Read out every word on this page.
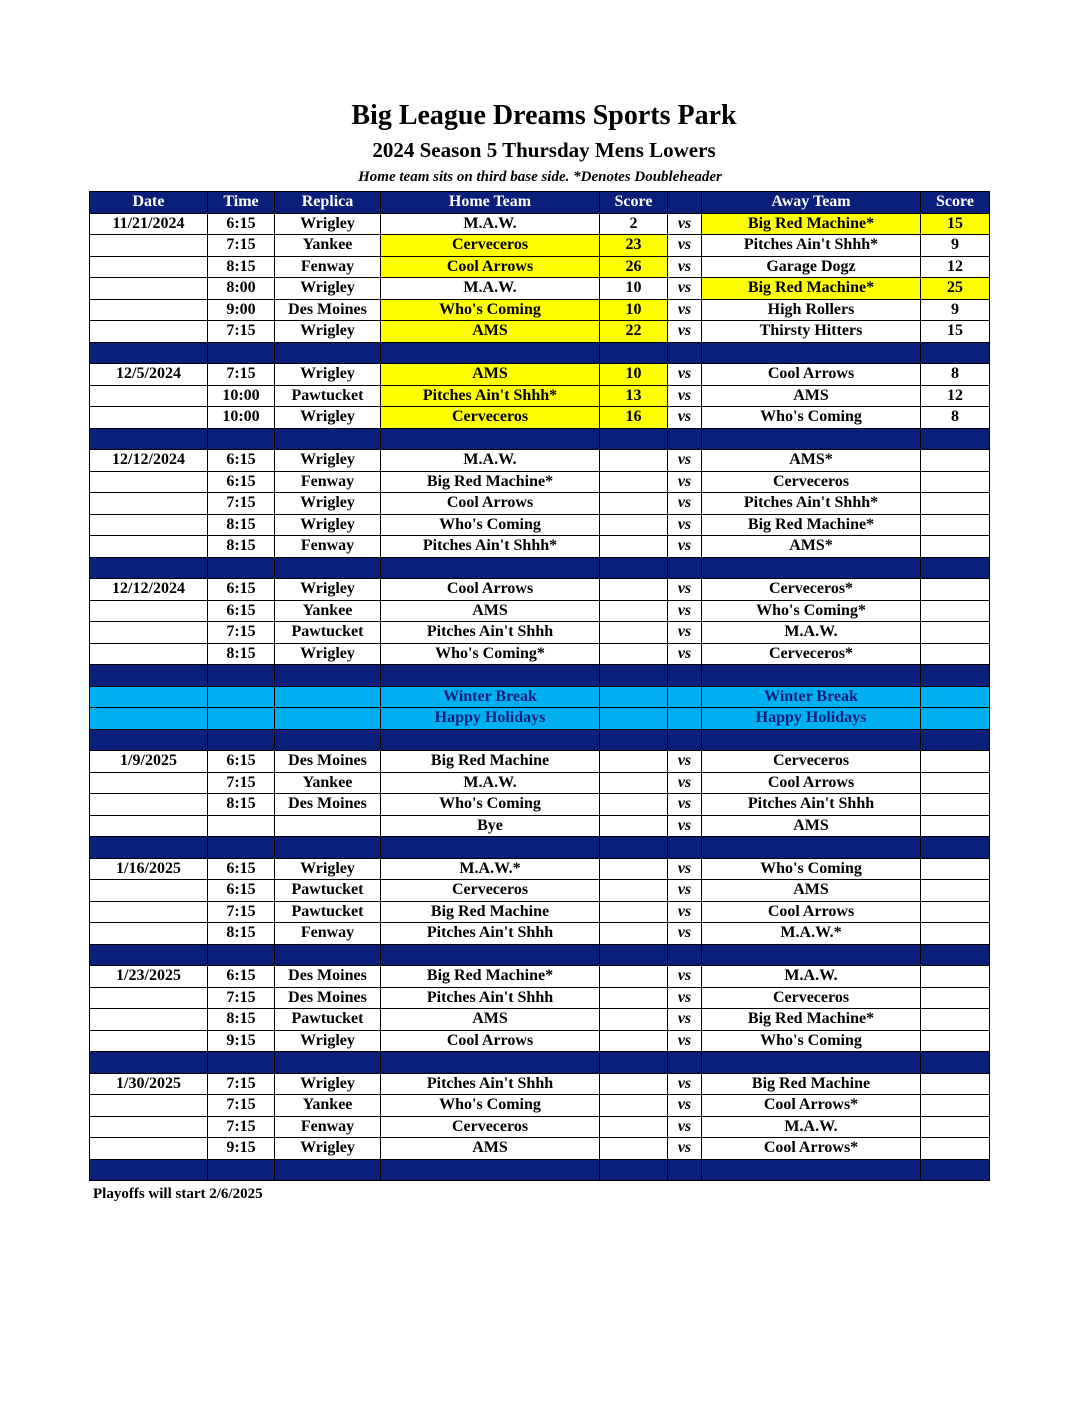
Big League Dreams Sports Park
2024 Season 5 Thursday Mens Lowers
Home team sits on third base side. *Denotes Doubleheader
Date	Time	Replica	Home Team	Score		Away Team	Score
11/21/2024	6:15	Wrigley	M.A.W.	2	vs	Big Red Machine*	15
	7:15	Yankee	Cerveceros	23	vs	Pitches Ain't Shhh*	9
	8:15	Fenway	Cool Arrows	26	vs	Garage Dogz	12
	8:00	Wrigley	M.A.W.	10	vs	Big Red Machine*	25
	9:00	Des Moines	Who's Coming	10	vs	High Rollers	9
	7:15	Wrigley	AMS	22	vs	Thirsty Hitters	15

12/5/2024	7:15	Wrigley	AMS	10	vs	Cool Arrows	8
	10:00	Pawtucket	Pitches Ain't Shhh*	13	vs	AMS	12
	10:00	Wrigley	Cerveceros	16	vs	Who's Coming	8

12/12/2024	6:15	Wrigley	M.A.W.		vs	AMS*	
	6:15	Fenway	Big Red Machine*		vs	Cerveceros	
	7:15	Wrigley	Cool Arrows		vs	Pitches Ain't Shhh*	
	8:15	Wrigley	Who's Coming		vs	Big Red Machine*	
	8:15	Fenway	Pitches Ain't Shhh*		vs	AMS*	

12/12/2024	6:15	Wrigley	Cool Arrows		vs	Cerveceros*	
	6:15	Yankee	AMS		vs	Who's Coming*	
	7:15	Pawtucket	Pitches Ain't Shhh		vs	M.A.W.	
	8:15	Wrigley	Who's Coming*		vs	Cerveceros*	

			Winter Break			Winter Break	
			Happy Holidays			Happy Holidays	

1/9/2025	6:15	Des Moines	Big Red Machine		vs	Cerveceros	
	7:15	Yankee	M.A.W.		vs	Cool Arrows	
	8:15	Des Moines	Who's Coming		vs	Pitches Ain't Shhh	
			Bye		vs	AMS	

1/16/2025	6:15	Wrigley	M.A.W.*		vs	Who's Coming	
	6:15	Pawtucket	Cerveceros		vs	AMS	
	7:15	Pawtucket	Big Red Machine		vs	Cool Arrows	
	8:15	Fenway	Pitches Ain't Shhh		vs	M.A.W.*	

1/23/2025	6:15	Des Moines	Big Red Machine*		vs	M.A.W.	
	7:15	Des Moines	Pitches Ain't Shhh		vs	Cerveceros	
	8:15	Pawtucket	AMS		vs	Big Red Machine*	
	9:15	Wrigley	Cool Arrows		vs	Who's Coming	

1/30/2025	7:15	Wrigley	Pitches Ain't Shhh		vs	Big Red Machine	
	7:15	Yankee	Who's Coming		vs	Cool Arrows*	
	7:15	Fenway	Cerveceros		vs	M.A.W.	
	9:15	Wrigley	AMS		vs	Cool Arrows*	

Playoffs will start 2/6/2025
